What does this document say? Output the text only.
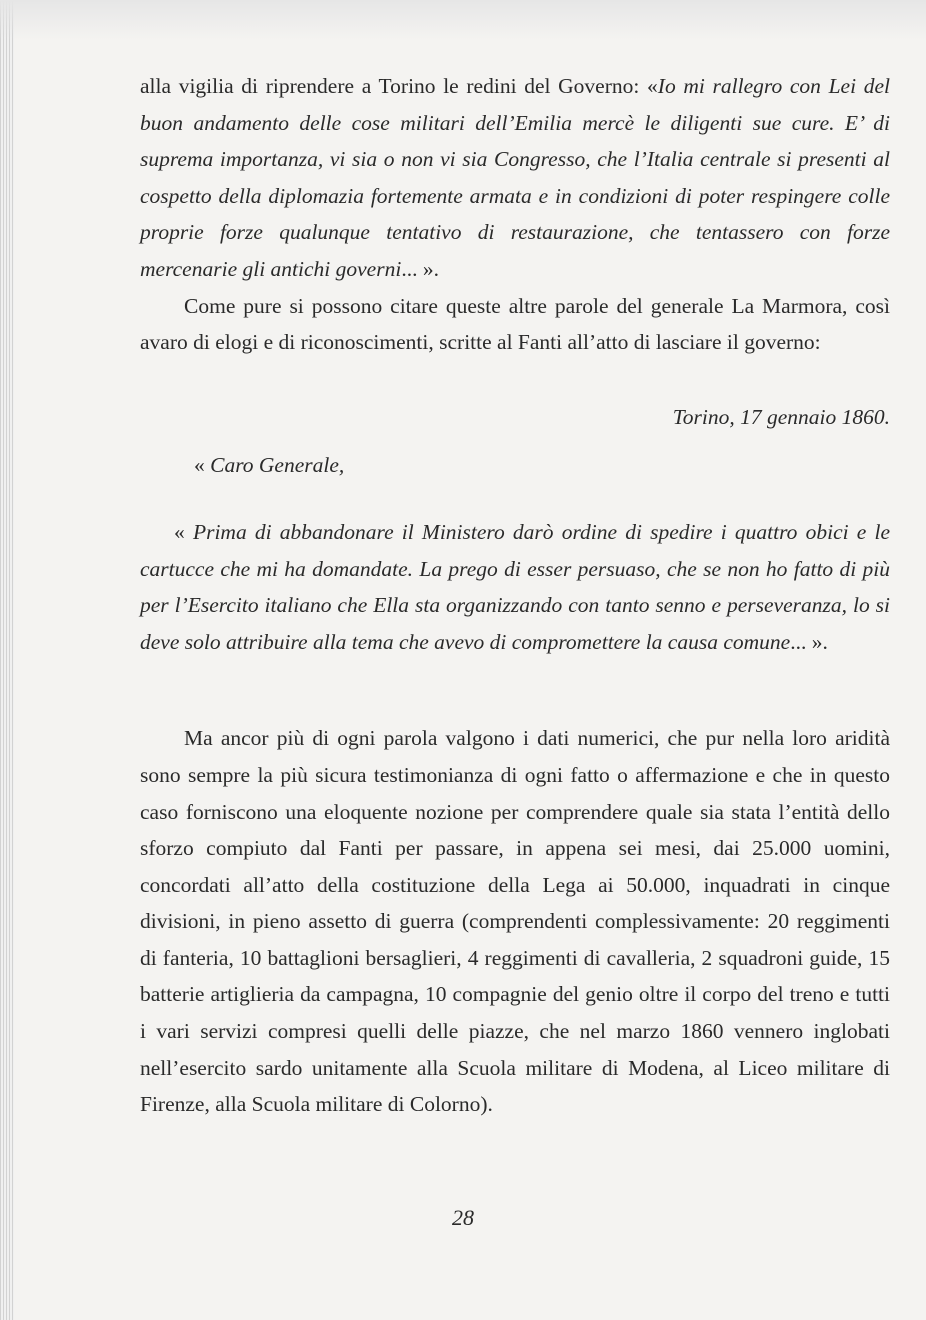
alla vigilia di riprendere a Torino le redini del Governo: «Io mi rallegro con Lei del buon andamento delle cose militari dell’Emilia mercè le diligenti sue cure. E’ di suprema importanza, vi sia o non vi sia Congresso, che l’Italia centrale si presenti al cospetto della diplomazia fortemente armata e in condizioni di poter respingere colle proprie forze qualunque tentativo di restaurazione, che tentassero con forze mercenarie gli antichi governi... ».

Come pure si possono citare queste altre parole del generale La Marmora, così avaro di elogi e di riconoscimenti, scritte al Fanti all’atto di lasciare il governo:

Torino, 17 gennaio 1860.

« Caro Generale,

« Prima di abbandonare il Ministero darò ordine di spedire i quattro obici e le cartucce che mi ha domandate. La prego di esser persuaso, che se non ho fatto di più per l’Esercito italiano che Ella sta organizzando con tanto senno e perseveranza, lo si deve solo attribuire alla tema che avevo di compromettere la causa comune... ».

Ma ancor più di ogni parola valgono i dati numerici, che pur nella loro aridità sono sempre la più sicura testimonianza di ogni fatto o affermazione e che in questo caso forniscono una eloquente nozione per comprendere quale sia stata l’entità dello sforzo compiuto dal Fanti per passare, in appena sei mesi, dai 25.000 uomini, concordati all’atto della costituzione della Lega ai 50.000, inquadrati in cinque divisioni, in pieno assetto di guerra (comprendenti complessivamente: 20 reggimenti di fanteria, 10 battaglioni bersaglieri, 4 reggimenti di cavalleria, 2 squadroni guide, 15 batterie artiglieria da campagna, 10 compagnie del genio oltre il corpo del treno e tutti i vari servizi compresi quelli delle piazze, che nel marzo 1860 vennero inglobati nell’esercito sardo unitamente alla Scuola militare di Modena, al Liceo militare di Firenze, alla Scuola militare di Colorno).

28
